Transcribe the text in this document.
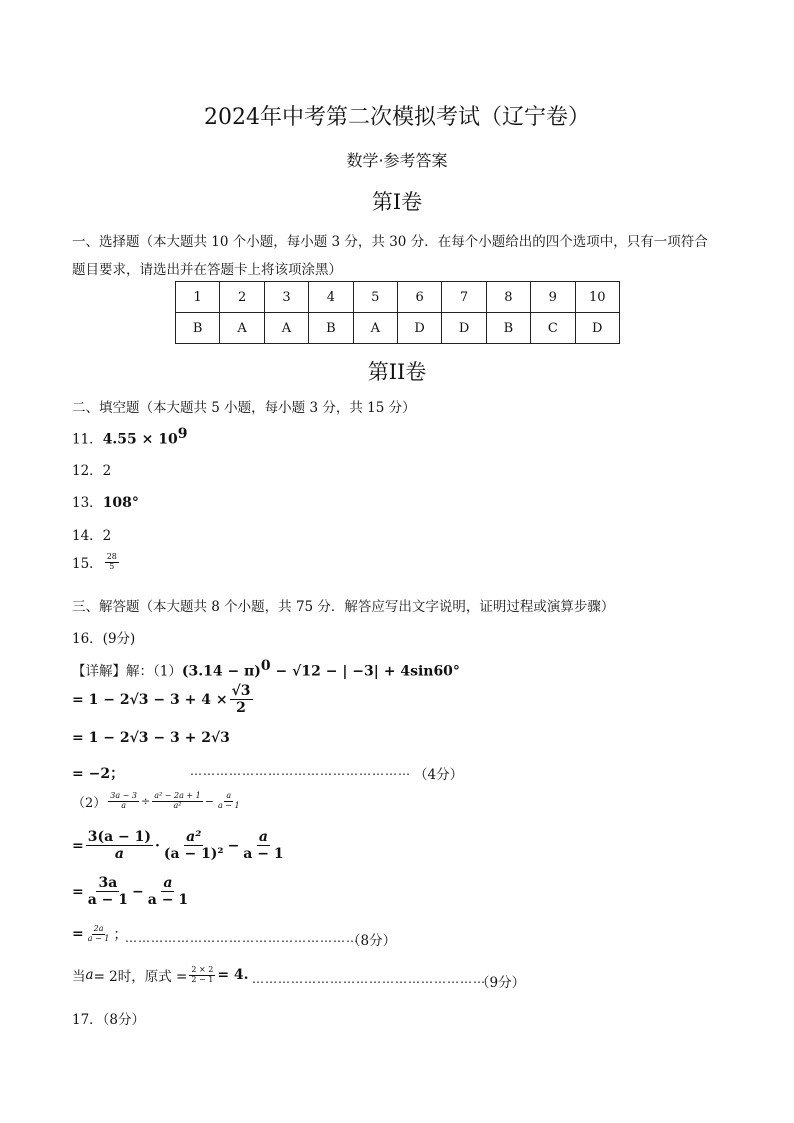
2024年中考第二次模拟考试（辽宁卷）
数学·参考答案
第Ⅰ卷
一、选择题（本大题共 10 个小题，每小题 3 分，共 30 分．在每个小题给出的四个选项中，只有一项符合
题目要求，请选出并在答题卡上将该项涂黑）
1	2	3	4	5	6	7	8	9	10
B	A	A	B	A	D	D	B	C	D
第II卷
二、填空题（本大题共 5 小题，每小题 3 分，共 15 分）
11．$4.55 \times 10^9$
12．2
13．108°
14．2
15． $\frac{28}{5}$
三、解答题（本大题共 8 个小题，共 75 分．解答应写出文字说明，证明过程或演算步骤）
16．(9分)
【详解】解：$(1)(3.14 - \pi)^0 - √12$ − | −3| + 4sin60°
= $1 - 2√3 - 3 + 4 \times \frac{√3}{2}$
= 1 − 2√3 − 3 + 2√3
= −2；	…………………………………………… （4分）
$(2) \frac{3a - 3}{a} \div \frac{\text{a² − 2a + 1}}{\text{a²}} - \frac{a}{a - 1}$
= $\frac{3(a - 1)}{a} \cdot \frac{\text{a²}}{\text{(a − 1)²}} - \frac{a}{a - 1}$
= $\frac{3a}{a - 1} - \frac{a}{a - 1}$
= $\frac{2a}{a - 1}$ ；
………………………………………………
（8分）
当 a = 2时，原式 = $\frac{2 \times 2}{2 - 1} = 4$. ………………………………………………
（9分）
17．（8分）
